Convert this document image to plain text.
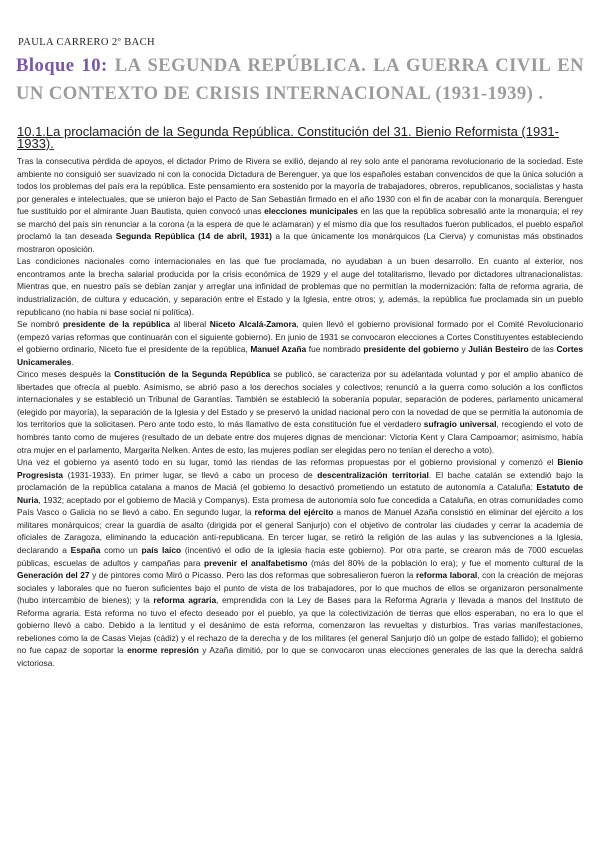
PAULA CARRERO 2º BACH
Bloque 10: LA SEGUNDA REPÚBLICA. LA GUERRA CIVIL EN UN CONTEXTO DE CRISIS INTERNACIONAL (1931-1939) .
10.1.La proclamación de la Segunda República. Constitución del 31. Bienio Reformista (1931-1933).

Tras la consecutiva pérdida de apoyos, el dictador Primo de Rivera se exilió, dejando al rey solo ante el panorama revolucionario de la sociedad. Este ambiente no consiguió ser suavizado ni con la conocida Dictadura de Berenguer, ya que los españoles estaban convencidos de que la única solución a todos los problemas del país era la república. Este pensamiento era sostenido por la mayoría de trabajadores, obreros, republicanos, socialistas y hasta por generales e intelectuales, que se unieron bajo el Pacto de San Sebastián firmado en el año 1930 con el fin de acabar con la monarquía. Berenguer fue sustituido por el almirante Juan Bautista, quien convocó unas elecciones municipales en las que la república sobresalió ante la monarquía; el rey se marchó del país sin renunciar a la corona (a la espera de que le aclamaran) y el mismo día que los resultados fueron publicados, el pueblo español proclamó la tan deseada Segunda República (14 de abril, 1931) a la que únicamente los monárquicos (La Cierva) y comunistas más obstinados mostraron oposición.

Las condiciones nacionales como internacionales en las que fue proclamada, no ayudaban a un buen desarrollo. En cuanto al exterior, nos encontramos ante la brecha salarial producida por la crisis económica de 1929 y el auge del totalitarismo, llevado por dictadores ultranacionalistas. Mientras que, en nuestro país se debían zanjar y arreglar una infinidad de problemas que no permitían la modernización: falta de reforma agraria, de industrialización, de cultura y educación, y separación entre el Estado y la Iglesia, entre otros; y, además, la república fue proclamada sin un pueblo republicano (no había ni base social ni política).

Se nombró presidente de la república al liberal Niceto Alcalá-Zamora, quien llevó el gobierno provisional formado por el Comité Revolucionario (empezó varias reformas que continuarán con el siguiente gobierno). En junio de 1931 se convocaron elecciones a Cortes Constituyentes estableciendo el gobierno ordinario, Niceto fue el presidente de la república, Manuel Azaña fue nombrado presidente del gobierno y Julián Besteiro de las Cortes Unicamerales.

Cinco meses después la Constitución de la Segunda República se publicó, se caracteriza por su adelantada voluntad y por el amplio abanico de libertades que ofrecía al pueblo. Asimismo, se abrió paso a los derechos sociales y colectivos; renunció a la guerra como solución a los conflictos internacionales y se estableció un Tribunal de Garantías. También se estableció la soberanía popular, separación de poderes, parlamento unicameral (elegido por mayoría), la separación de la Iglesia y del Estado y se preservó la unidad nacional pero con la novedad de que se permitía la autonomía de los territorios que la solicitasen. Pero ante todo esto, lo más llamativo de esta constitución fue el verdadero sufragio universal, recogiendo el voto de hombres tanto como de mujeres (resultado de un debate entre dos mujeres dignas de mencionar: Victoria Kent y Clara Campoamor; asimismo, había otra mujer en el parlamento, Margarita Nelken. Antes de esto, las mujeres podían ser elegidas pero no tenían el derecho a voto).

Una vez el gobierno ya asentó todo en su lugar, tomó las riendas de las reformas propuestas por el gobierno provisional y comenzó el Bienio Progresista (1931-1933). En primer lugar, se llevó a cabo un proceso de descentralización territorial. El bache catalán se extendió bajo la proclamación de la república catalana a manos de Maciá (el gobierno lo desactivó prometiendo un estatuto de autonomía a Cataluña: Estatuto de Nuria, 1932; aceptado por el gobierno de Maciá y Companys). Esta promesa de autonomía solo fue concedida a Cataluña, en otras comunidades como País Vasco o Galicia no se llevó a cabo. En segundo lugar, la reforma del ejército a manos de Manuel Azaña consistió en eliminar del ejército a los militares monárquicos; crear la guardia de asalto (dirigida por el general Sanjurjo) con el objetivo de controlar las ciudades y cerrar la academia de oficiales de Zaragoza, eliminando la educación anti-republicana. En tercer lugar, se retiró la religión de las aulas y las subvenciones a la Iglesia, declarando a España como un país laico (incentivó el odio de la iglesia hacia este gobierno). Por otra parte, se crearon más de 7000 escuelas públicas, escuelas de adultos y campañas para prevenir el analfabetismo (más del 80% de la población lo era); y fue el momento cultural de la Generación del 27 y de pintores como Miró o Picasso. Pero las dos reformas que sobresalieron fueron la reforma laboral, con la creación de mejoras sociales y laborales que no fueron suficientes bajo el punto de vista de los trabajadores, por lo que muchos de ellos se organizaron personalmente (hubo intercambio de bienes); y la reforma agraria, emprendida con la Ley de Bases para la Reforma Agraria y llevada a manos del Instituto de Reforma agraria. Esta reforma no tuvo el efecto deseado por el pueblo, ya que la colectivización de tierras que ellos esperaban, no era lo que el gobierno llevó a cabo. Debido a la lentitud y el desánimo de esta reforma, comenzaron las revueltas y disturbios. Tras varias manifestaciones, rebeliones como la de Casas Viejas (cádiz) y el rechazo de la derecha y de los militares (el general Sanjurjo dió un golpe de estado fallido); el gobierno no fue capaz de soportar la enorme represión y Azaña dimitió, por lo que se convocaron unas elecciones generales de las que la derecha saldrá victoriosa.
